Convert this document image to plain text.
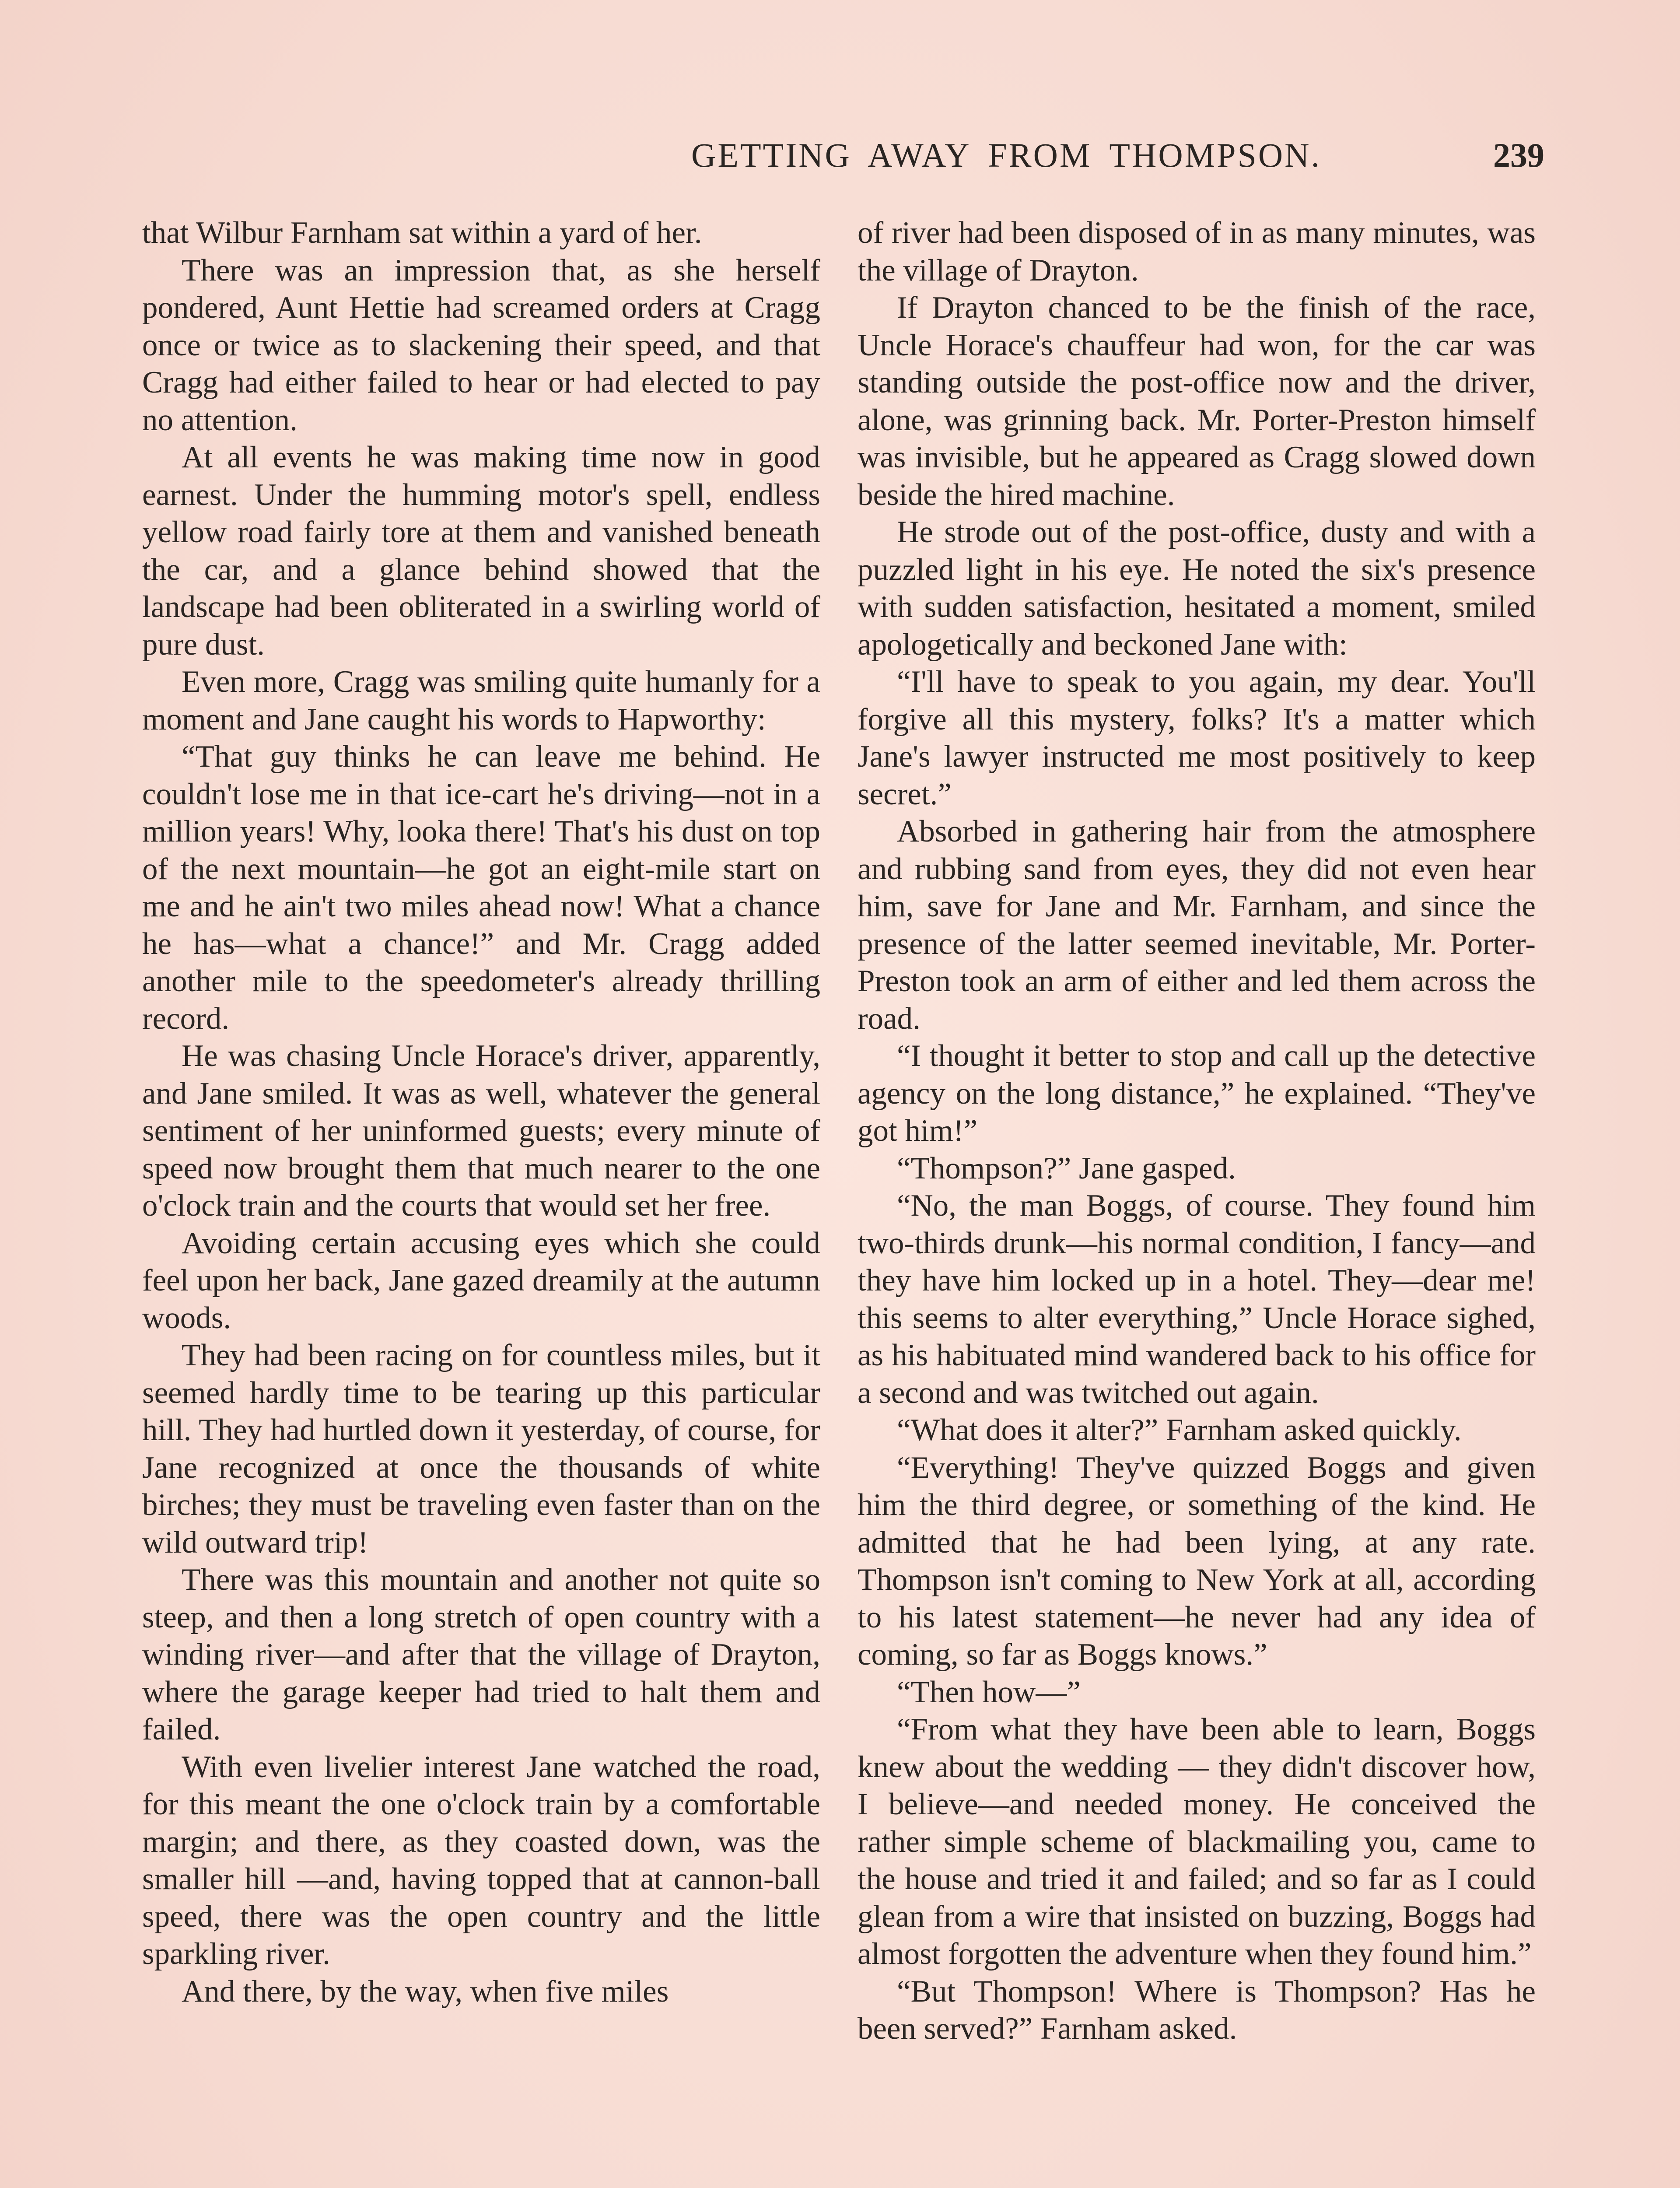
GETTING AWAY FROM THOMPSON.	239

that Wilbur Farnham sat within a yard of her.

There was an impression that, as she herself pondered, Aunt Hettie had screamed orders at Cragg once or twice as to slackening their speed, and that Cragg had either failed to hear or had elected to pay no attention.

At all events he was making time now in good earnest. Under the humming motor's spell, endless yellow road fairly tore at them and vanished beneath the car, and a glance behind showed that the landscape had been obliterated in a swirling world of pure dust.

Even more, Cragg was smiling quite humanly for a moment and Jane caught his words to Hapworthy:

“That guy thinks he can leave me behind. He couldn't lose me in that ice-cart he's driving—not in a million years! Why, looka there! That's his dust on top of the next mountain—he got an eight-mile start on me and he ain't two miles ahead now! What a chance he has—what a chance!” and Mr. Cragg added another mile to the speedometer's already thrilling record.

He was chasing Uncle Horace's driver, apparently, and Jane smiled. It was as well, whatever the general sentiment of her uninformed guests; every minute of speed now brought them that much nearer to the one o'clock train and the courts that would set her free.

Avoiding certain accusing eyes which she could feel upon her back, Jane gazed dreamily at the autumn woods.

They had been racing on for countless miles, but it seemed hardly time to be tearing up this particular hill. They had hurtled down it yesterday, of course, for Jane recognized at once the thousands of white birches; they must be traveling even faster than on the wild outward trip!

There was this mountain and another not quite so steep, and then a long stretch of open country with a winding river—and after that the village of Drayton, where the garage keeper had tried to halt them and failed.

With even livelier interest Jane watched the road, for this meant the one o'clock train by a comfortable margin; and there, as they coasted down, was the smaller hill —and, having topped that at cannon-ball speed, there was the open country and the little sparkling river.

And there, by the way, when five miles

of river had been disposed of in as many minutes, was the village of Drayton.

If Drayton chanced to be the finish of the race, Uncle Horace's chauffeur had won, for the car was standing outside the post-office now and the driver, alone, was grinning back. Mr. Porter-Preston himself was invisible, but he appeared as Cragg slowed down beside the hired machine.

He strode out of the post-office, dusty and with a puzzled light in his eye. He noted the six's presence with sudden satisfaction, hesitated a moment, smiled apologetically and beckoned Jane with:

“I'll have to speak to you again, my dear. You'll forgive all this mystery, folks? It's a matter which Jane's lawyer instructed me most positively to keep secret.”

Absorbed in gathering hair from the atmosphere and rubbing sand from eyes, they did not even hear him, save for Jane and Mr. Farnham, and since the presence of the latter seemed inevitable, Mr. Porter-Preston took an arm of either and led them across the road.

“I thought it better to stop and call up the detective agency on the long distance,” he explained. “They've got him!”

“Thompson?” Jane gasped.

“No, the man Boggs, of course. They found him two-thirds drunk—his normal condition, I fancy—and they have him locked up in a hotel. They—dear me! this seems to alter everything,” Uncle Horace sighed, as his habituated mind wandered back to his office for a second and was twitched out again.

“What does it alter?” Farnham asked quickly.

“Everything! They've quizzed Boggs and given him the third degree, or something of the kind. He admitted that he had been lying, at any rate. Thompson isn't coming to New York at all, according to his latest statement—he never had any idea of coming, so far as Boggs knows.”

“Then how—”

“From what they have been able to learn, Boggs knew about the wedding — they didn't discover how, I believe—and needed money. He conceived the rather simple scheme of blackmailing you, came to the house and tried it and failed; and so far as I could glean from a wire that insisted on buzzing, Boggs had almost forgotten the adventure when they found him.”

“But Thompson! Where is Thompson? Has he been served?” Farnham asked.
